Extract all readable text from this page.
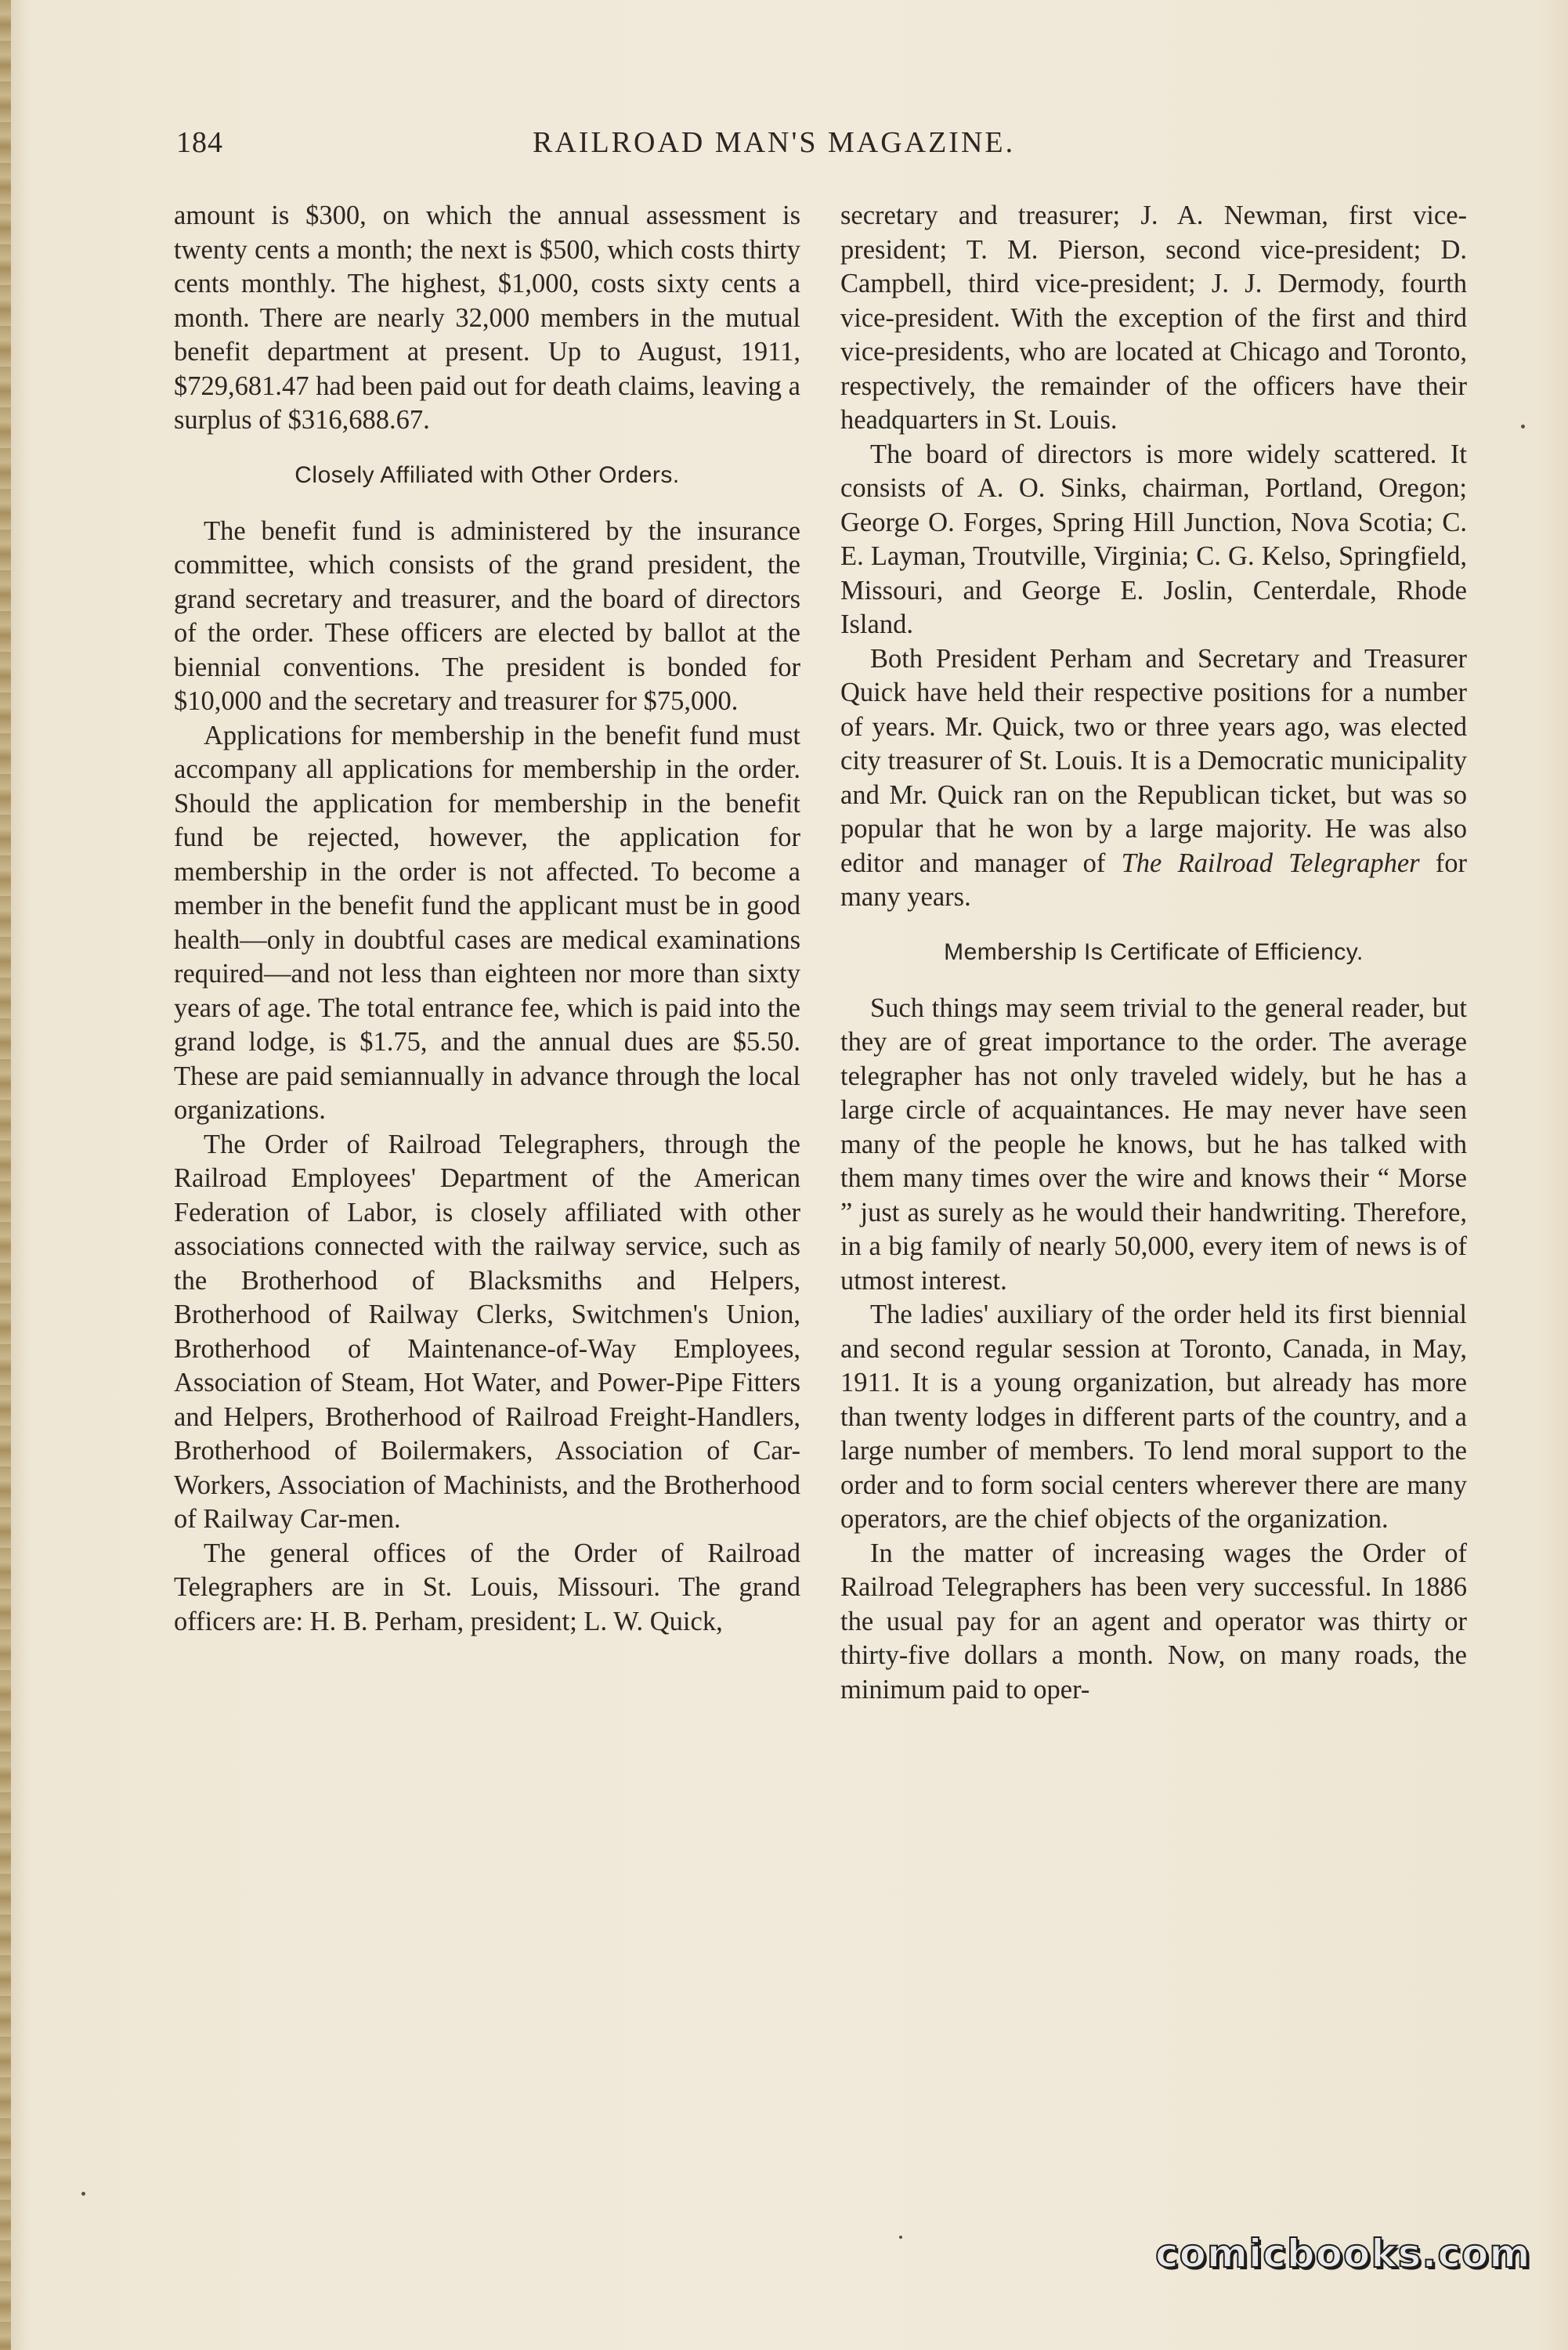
184	RAILROAD MAN'S MAGAZINE.

amount is $300, on which the annual assessment is twenty cents a month; the next is $500, which costs thirty cents monthly. The highest, $1,000, costs sixty cents a month. There are nearly 32,000 members in the mutual benefit department at present. Up to August, 1911, $729,681.47 had been paid out for death claims, leaving a surplus of $316,688.67.

Closely Affiliated with Other Orders.

The benefit fund is administered by the insurance committee, which consists of the grand president, the grand secretary and treasurer, and the board of directors of the order. These officers are elected by ballot at the biennial conventions. The president is bonded for $10,000 and the secretary and treasurer for $75,000.

Applications for membership in the benefit fund must accompany all applications for membership in the order. Should the application for membership in the benefit fund be rejected, however, the application for membership in the order is not affected. To become a member in the benefit fund the applicant must be in good health—only in doubtful cases are medical examinations required—and not less than eighteen nor more than sixty years of age. The total entrance fee, which is paid into the grand lodge, is $1.75, and the annual dues are $5.50. These are paid semiannually in advance through the local organizations.

The Order of Railroad Telegraphers, through the Railroad Employees' Department of the American Federation of Labor, is closely affiliated with other associations connected with the railway service, such as the Brotherhood of Blacksmiths and Helpers, Brotherhood of Railway Clerks, Switchmen's Union, Brotherhood of Maintenance-of-Way Employees, Association of Steam, Hot Water, and Power-Pipe Fitters and Helpers, Brotherhood of Railroad Freight-Handlers, Brotherhood of Boilermakers, Association of Car-Workers, Association of Machinists, and the Brotherhood of Railway Car-men.

The general offices of the Order of Railroad Telegraphers are in St. Louis, Missouri. The grand officers are: H. B. Perham, president; L. W. Quick,

secretary and treasurer; J. A. Newman, first vice-president; T. M. Pierson, second vice-president; D. Campbell, third vice-president; J. J. Dermody, fourth vice-president. With the exception of the first and third vice-presidents, who are located at Chicago and Toronto, respectively, the remainder of the officers have their headquarters in St. Louis.

The board of directors is more widely scattered. It consists of A. O. Sinks, chairman, Portland, Oregon; George O. Forges, Spring Hill Junction, Nova Scotia; C. E. Layman, Troutville, Virginia; C. G. Kelso, Springfield, Missouri, and George E. Joslin, Centerdale, Rhode Island.

Both President Perham and Secretary and Treasurer Quick have held their respective positions for a number of years. Mr. Quick, two or three years ago, was elected city treasurer of St. Louis. It is a Democratic municipality and Mr. Quick ran on the Republican ticket, but was so popular that he won by a large majority. He was also editor and manager of The Railroad Telegrapher for many years.

Membership Is Certificate of Efficiency.

Such things may seem trivial to the general reader, but they are of great importance to the order. The average telegrapher has not only traveled widely, but he has a large circle of acquaintances. He may never have seen many of the people he knows, but he has talked with them many times over the wire and knows their “ Morse ” just as surely as he would their handwriting. Therefore, in a big family of nearly 50,000, every item of news is of utmost interest.

The ladies' auxiliary of the order held its first biennial and second regular session at Toronto, Canada, in May, 1911. It is a young organization, but already has more than twenty lodges in different parts of the country, and a large number of members. To lend moral support to the order and to form social centers wherever there are many operators, are the chief objects of the organization.

In the matter of increasing wages the Order of Railroad Telegraphers has been very successful. In 1886 the usual pay for an agent and operator was thirty or thirty-five dollars a month. Now, on many roads, the minimum paid to oper-

comicbooks.com
